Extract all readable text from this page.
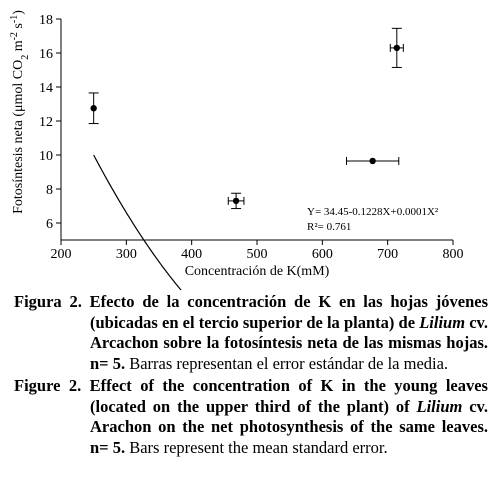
6
8
10
12
14
16
18
200	300	400	500	600	700	800
Fotosíntesis neta (μmol $CO_2$ $m^{-2}$ $s^{-1}$)
Concentración de K(mM)
Y= 34.45-0.1228X+0.0001X²
R²= 0.761

Figura 2. Efecto de la concentración de K en las hojas jóvenes (ubicadas en el tercio superior de la planta) de Lilium cv. Arcachon sobre la fotosíntesis neta de las mismas hojas. n= 5. Barras representan el error estándar de la media.

Figure 2. Effect of the concentration of K in the young leaves (located on the upper third of the plant) of Lilium cv. Arachon on the net photosynthesis of the same leaves. n= 5. Bars represent the mean standard error.
